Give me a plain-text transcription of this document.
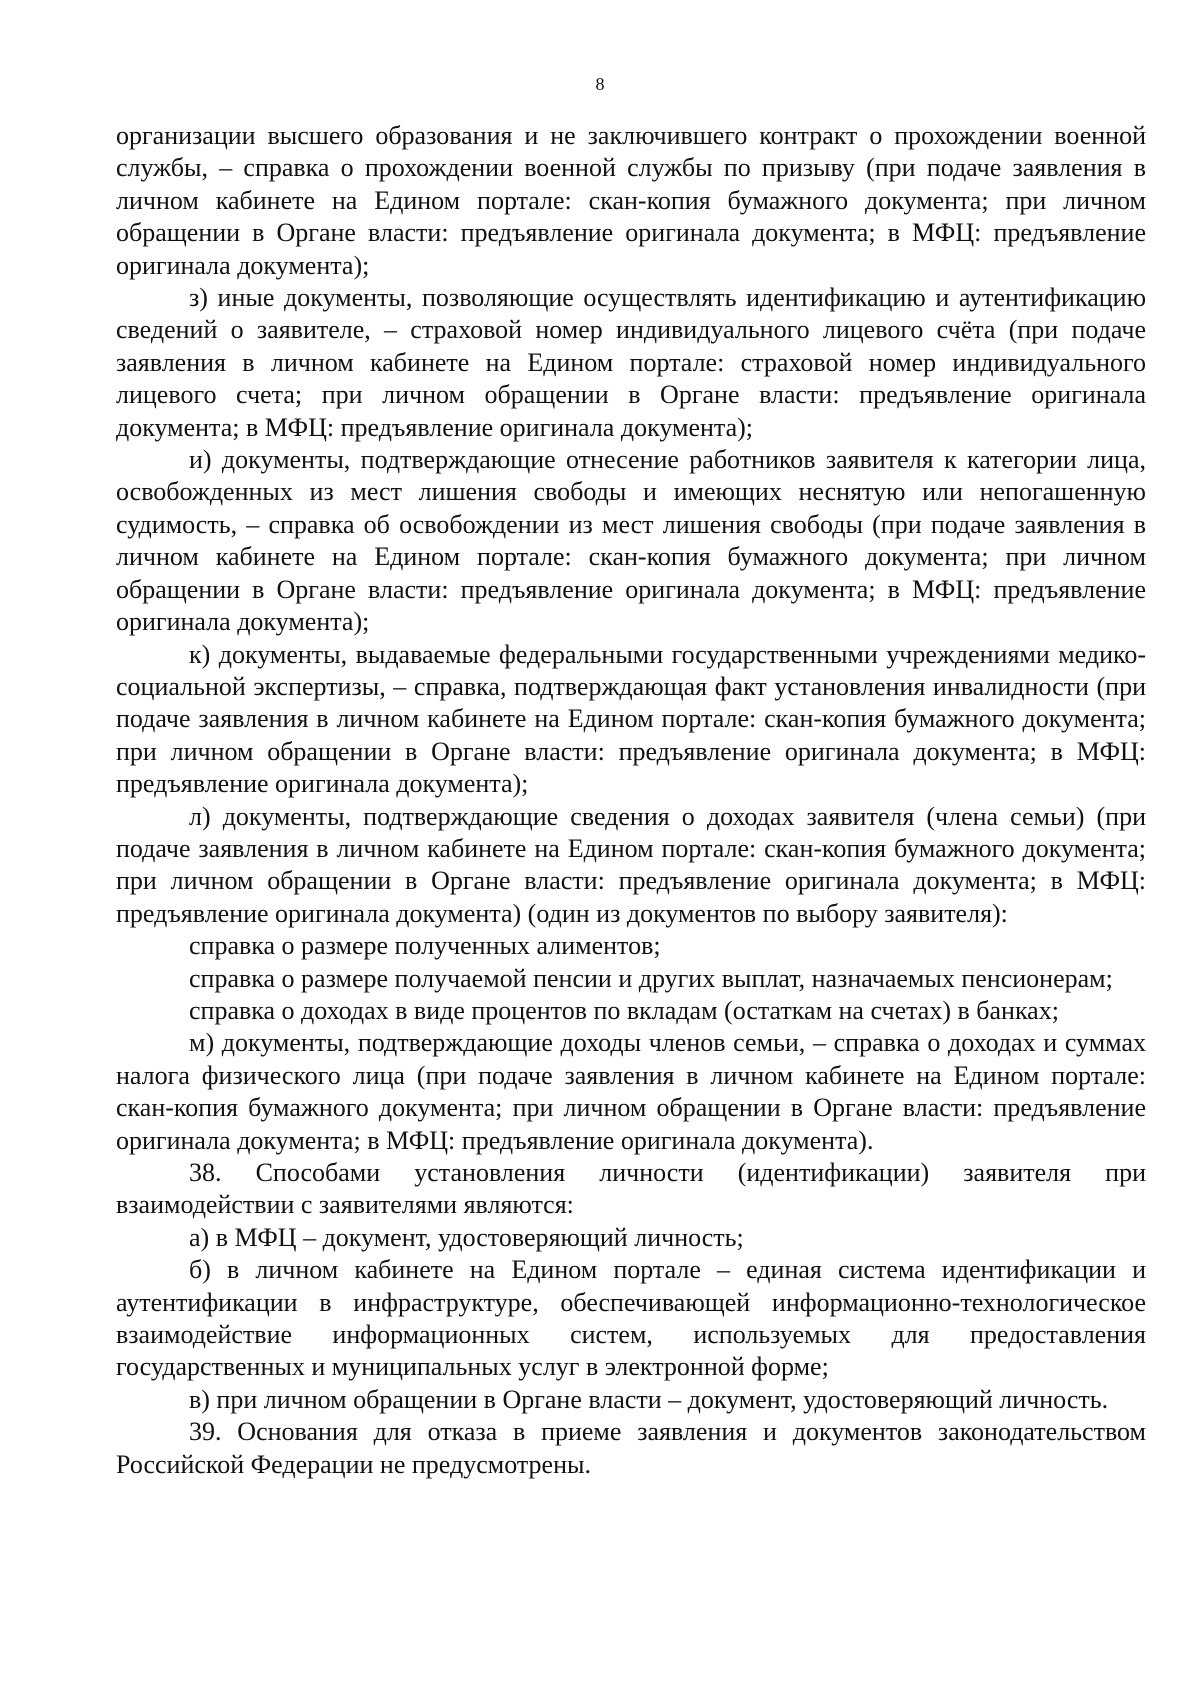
8

организации высшего образования и не заключившего контракт о прохождении военной службы, – справка о прохождении военной службы по призыву (при подаче заявления в личном кабинете на Едином портале: скан-копия бумажного документа; при личном обращении в Органе власти: предъявление оригинала документа; в МФЦ: предъявление оригинала документа);

з) иные документы, позволяющие осуществлять идентификацию и аутентификацию сведений о заявителе, – страховой номер индивидуального лицевого счёта (при подаче заявления в личном кабинете на Едином портале: страховой номер индивидуального лицевого счета; при личном обращении в Органе власти: предъявление оригинала документа; в МФЦ: предъявление оригинала документа);

и) документы, подтверждающие отнесение работников заявителя к категории лица, освобожденных из мест лишения свободы и имеющих неснятую или непогашенную судимость, – справка об освобождении из мест лишения свободы (при подаче заявления в личном кабинете на Едином портале: скан-копия бумажного документа; при личном обращении в Органе власти: предъявление оригинала документа; в МФЦ: предъявление оригинала документа);

к) документы, выдаваемые федеральными государственными учреждениями медико-социальной экспертизы, – справка, подтверждающая факт установления инвалидности (при подаче заявления в личном кабинете на Едином портале: скан-копия бумажного документа; при личном обращении в Органе власти: предъявление оригинала документа; в МФЦ: предъявление оригинала документа);

л) документы, подтверждающие сведения о доходах заявителя (члена семьи) (при подаче заявления в личном кабинете на Едином портале: скан-копия бумажного документа; при личном обращении в Органе власти: предъявление оригинала документа; в МФЦ: предъявление оригинала документа) (один из документов по выбору заявителя):

справка о размере полученных алиментов;

справка о размере получаемой пенсии и других выплат, назначаемых пенсионерам;

справка о доходах в виде процентов по вкладам (остаткам на счетах) в банках;

м) документы, подтверждающие доходы членов семьи, – справка о доходах и суммах налога физического лица (при подаче заявления в личном кабинете на Едином портале: скан-копия бумажного документа; при личном обращении в Органе власти: предъявление оригинала документа; в МФЦ: предъявление оригинала документа).

38. Способами установления личности (идентификации) заявителя при взаимодействии с заявителями являются:

а) в МФЦ – документ, удостоверяющий личность;

б) в личном кабинете на Едином портале – единая система идентификации и аутентификации в инфраструктуре, обеспечивающей информационно-технологическое взаимодействие информационных систем, используемых для предоставления государственных и муниципальных услуг в электронной форме;

в) при личном обращении в Органе власти – документ, удостоверяющий личность.

39. Основания для отказа в приеме заявления и документов законодательством Российской Федерации не предусмотрены.
